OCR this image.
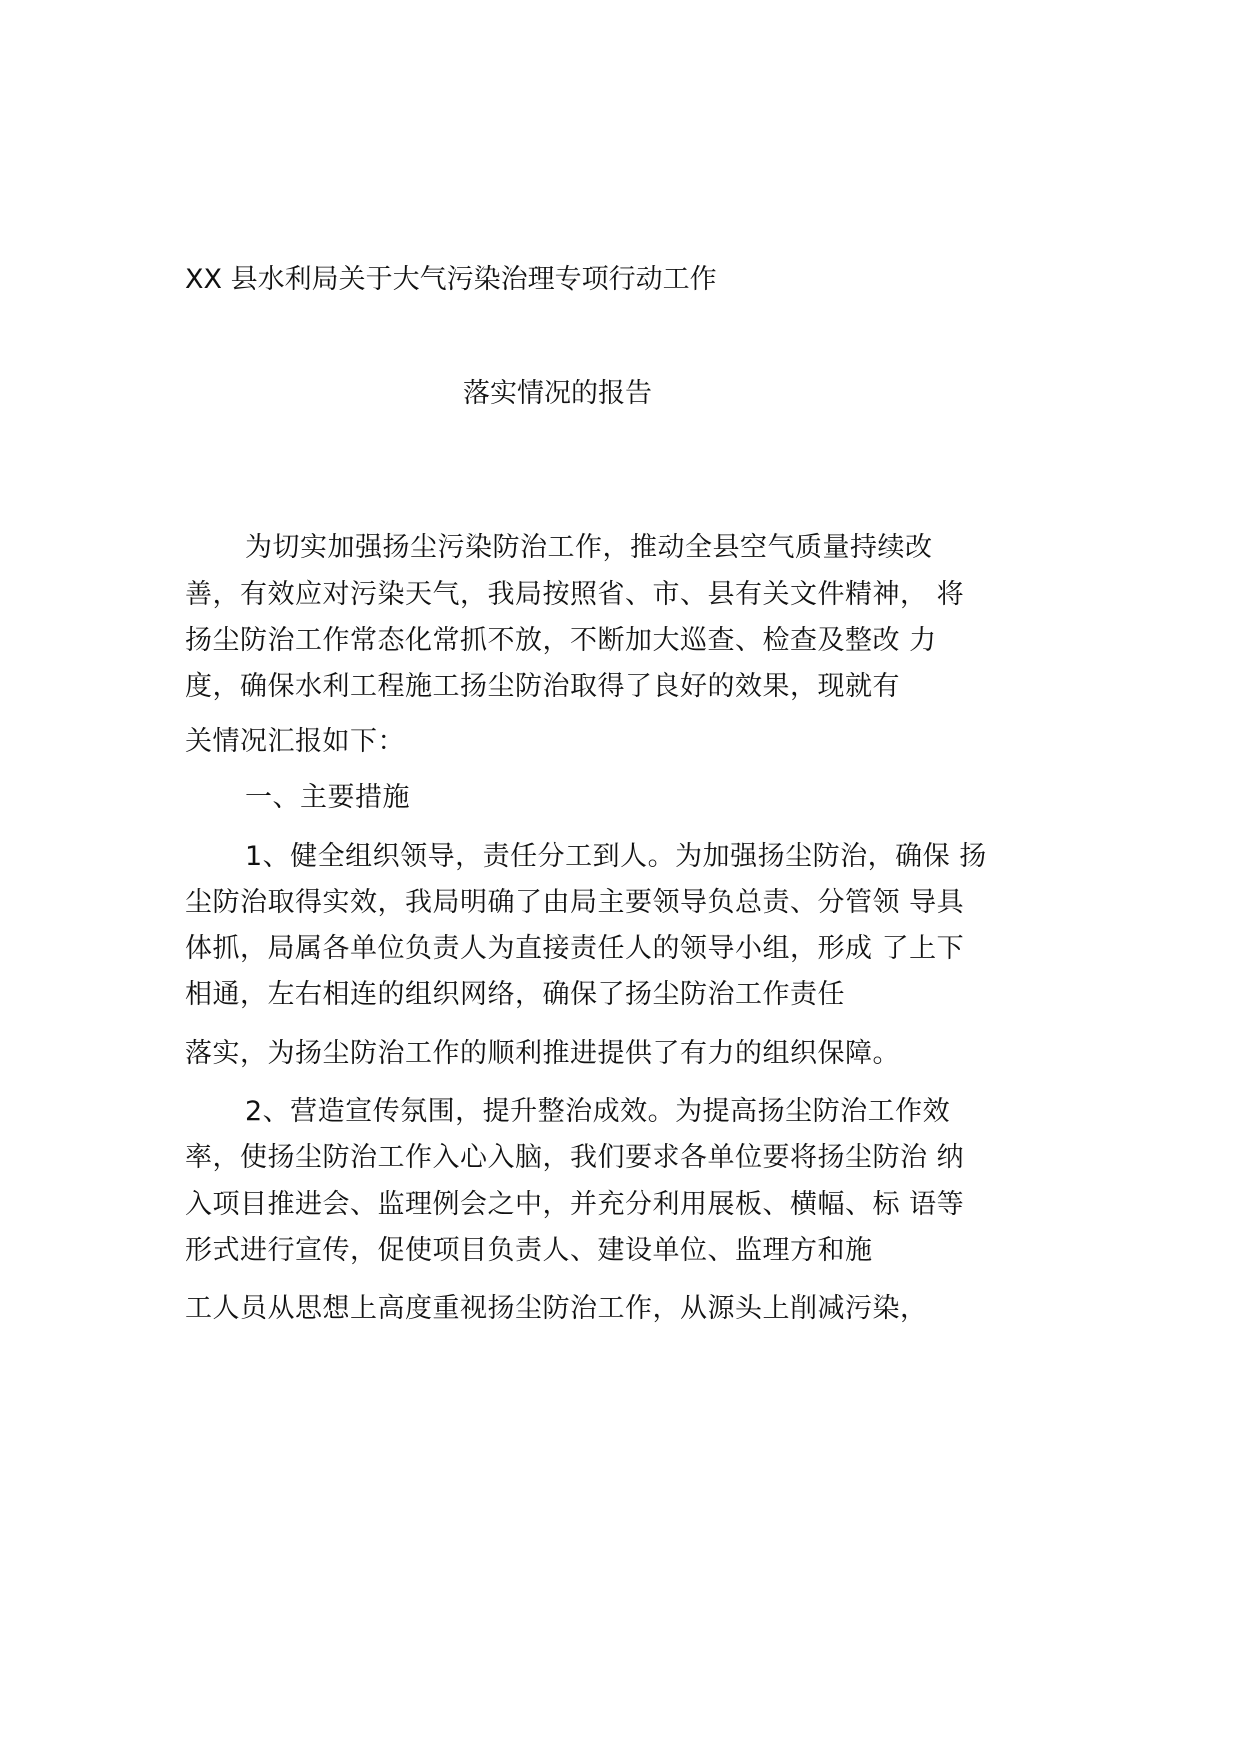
XX 县水利局关于大气污染治理专项行动工作
落实情况的报告
为切实加强扬尘污染防治工作，推动全县空气质量持续改
善，有效应对污染天气，我局按照省、市、县有关文件精神， 将
扬尘防治工作常态化常抓不放，不断加大巡查、检查及整改 力
度，确保水利工程施工扬尘防治取得了良好的效果，现就有
关情况汇报如下：
一、主要措施
1、健全组织领导，责任分工到人。为加强扬尘防治，确保 扬
尘防治取得实效，我局明确了由局主要领导负总责、分管领 导具
体抓，局属各单位负责人为直接责任人的领导小组，形成 了上下
相通，左右相连的组织网络，确保了扬尘防治工作责任
落实，为扬尘防治工作的顺利推进提供了有力的组织保障。
2、营造宣传氛围，提升整治成效。为提高扬尘防治工作效
率，使扬尘防治工作入心入脑，我们要求各单位要将扬尘防治 纳
入项目推进会、监理例会之中，并充分利用展板、横幅、标 语等
形式进行宣传，促使项目负责人、建设单位、监理方和施
工人员从思想上高度重视扬尘防治工作，从源头上削减污染，
